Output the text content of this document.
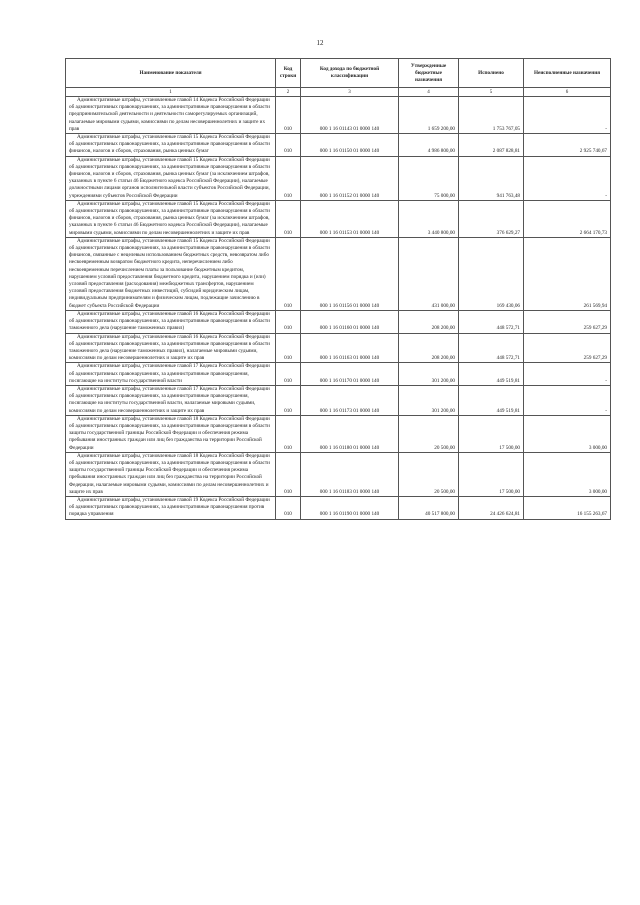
12
Наименование показателя	Код строки	Код дохода по бюджетной классификации	Утвержденные бюджетные назначения	Исполнено	Неисполненные назначения
1	2	3	4	5	6
Административные штрафы, установленные главой 14 Кодекса Российской Федерации об административных правонарушениях, за административные правонарушения в области предпринимательской деятельности и деятельности саморегулируемых организаций, налагаемые мировыми судьями, комиссиями по делам несовершеннолетних и защите их прав	010	000 1 16 01143 01 0000 140	1 659 200,00	1 753 767,05	-
Административные штрафы, установленные главой 15 Кодекса Российской Федерации об административных правонарушениях, за административные правонарушения в области финансов, налогов и сборов, страхования, рынка ценных бумаг	010	000 1 16 01150 01 0000 140	4 986 800,00	2 087 828,81	2 925 740,67
Административные штрафы, установленные главой 15 Кодекса Российской Федерации об административных правонарушениях, за административные правонарушения в области финансов, налогов и сборов, страхования, рынка ценных бумаг (за исключением штрафов, указанных в пункте 6 статьи 46 Бюджетного кодекса Российской Федерации), налагаемые должностными лицами органов исполнительной власти субъектов Российской Федерации, учреждениями субъектов Российской Федерации	010	000 1 16 01152 01 0000 140	75 000,00	941 763,48	-
Административные штрафы, установленные главой 15 Кодекса Российской Федерации об административных правонарушениях, за административные правонарушения в области финансов, налогов и сборов, страхования, рынка ценных бумаг (за исключением штрафов, указанных в пункте 6 статьи 46 Бюджетного кодекса Российской Федерации), налагаемые мировыми судьями, комиссиями по делам несовершеннолетних и защите их прав	010	000 1 16 01153 01 0000 140	3 440 800,00	376 629,27	2 664 170,73
Административные штрафы, установленные главой 15 Кодекса Российской Федерации об административных правонарушениях, за административные правонарушения в области финансов, связанные с нецелевым использованием бюджетных средств, невозвратом либо несвоевременным возвратом бюджетного кредита, неперечислением либо несвоевременным перечислением платы за пользование бюджетным кредитом, нарушением условий предоставления бюджетного кредита, нарушением порядка и (или) условий предоставления (расходования) межбюджетных трансфертов, нарушением условий предоставления бюджетных инвестиций, субсидий юридическим лицам, индивидуальным предпринимателям и физическим лицам, подлежащие зачислению в бюджет субъекта Российской Федерации	010	000 1 16 01156 01 0000 140	431 000,00	169 430,06	261 569,94
Административные штрафы, установленные главой 16 Кодекса Российской Федерации об административных правонарушениях, за административные правонарушения в области таможенного дела (нарушение таможенных правил)	010	000 1 16 01160 01 0000 140	208 200,00	448 572,71	259 627,29
Административные штрафы, установленные главой 16 Кодекса Российской Федерации об административных правонарушениях, за административные правонарушения в области таможенного дела (нарушение таможенных правил), налагаемые мировыми судьями, комиссиями по делам несовершеннолетних и защите их прав	010	000 1 16 01163 01 0000 140	208 200,00	448 572,71	259 627,29
Административные штрафы, установленные главой 17 Кодекса Российской Федерации об административных правонарушениях, за административные правонарушения, посягающие на институты государственной власти	010	000 1 16 01170 01 0000 140	301 200,00	449 519,81	-
Административные штрафы, установленные главой 17 Кодекса Российской Федерации об административных правонарушениях, за административные правонарушения, посягающие на институты государственной власти, налагаемые мировыми судьями, комиссиями по делам несовершеннолетних и защите их прав	010	000 1 16 01173 01 0000 140	301 200,00	449 519,81	-
Административные штрафы, установленные главой 18 Кодекса Российской Федерации об административных правонарушениях, за административные правонарушения в области защиты государственной границы Российской Федерации и обеспечения режима пребывания иностранных граждан или лиц без гражданства на территории Российской Федерации	010	000 1 16 01180 01 0000 140	20 500,00	17 500,00	3 000,00
Административные штрафы, установленные главой 18 Кодекса Российской Федерации об административных правонарушениях, за административные правонарушения в области защиты государственной границы Российской Федерации и обеспечения режима пребывания иностранных граждан или лиц без гражданства на территории Российской Федерации, налагаемые мировыми судьями, комиссиями по делам несовершеннолетних и защите их прав	010	000 1 16 01183 01 0000 140	20 500,00	17 500,00	3 000,00
Административные штрафы, установленные главой 19 Кодекса Российской Федерации об административных правонарушениях, за административные правонарушения против порядка управления	010	000 1 16 01190 01 0000 140	40 517 800,00	24 426 624,81	16 155 263,67
